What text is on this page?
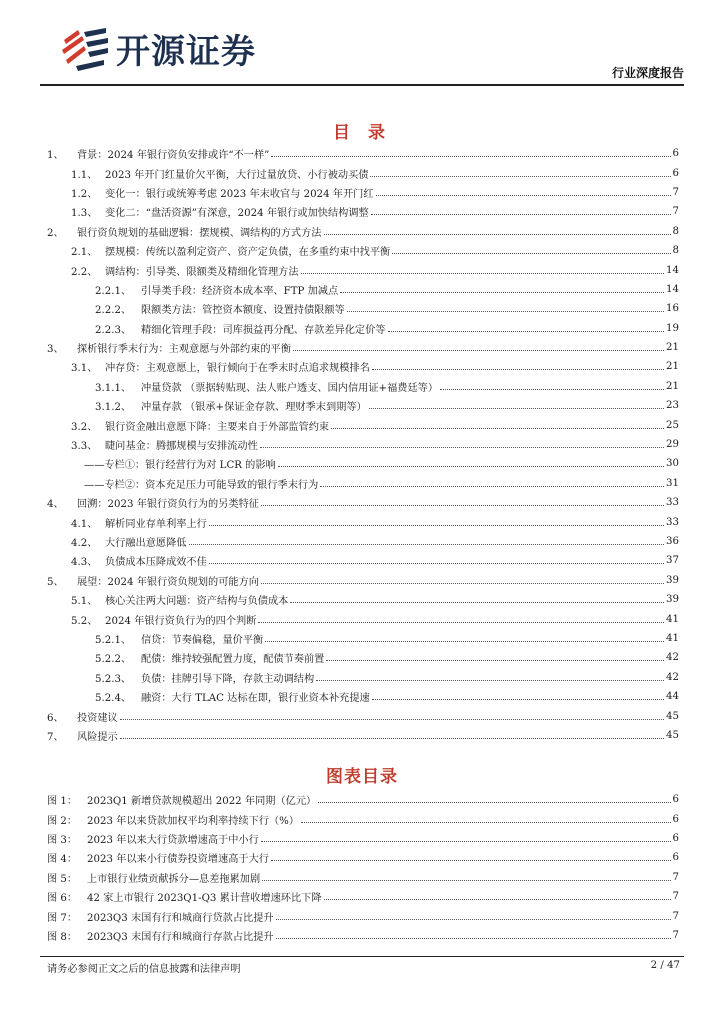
开源证券
行业深度报告
目 录
1、	背景：2024 年银行资负安排或许“不一样”	6
1.1、 2023 年开门红量价欠平衡，大行过量放贷、小行被动买债	6
1.2、 变化一：银行或统筹考虑 2023 年末收官与 2024 年开门红	7
1.3、 变化二：“盘活资源”有深意，2024 年银行或加快结构调整	7
2、	银行资负规划的基础逻辑：摆规模、调结构的方式方法	8
2.1、 摆规模：传统以盈利定资产、资产定负债，在多重约束中找平衡	8
2.2、 调结构：引导类、限额类及精细化管理方法	14
2.2.1、 引导类手段：经济资本成本率、FTP 加减点	14
2.2.2、 限额类方法：管控资本额度、设置持债限额等	16
2.2.3、 精细化管理手段：司库损益再分配、存款差异化定价等	19
3、	探析银行季末行为：主观意愿与外部约束的平衡	21
3.1、 冲存贷：主观意愿上，银行倾向于在季末时点追求规模排名	21
3.1.1、 冲量贷款 （票据转贴现、法人账户透支、国内信用证+福费廷等）	21
3.1.2、 冲量存款 （银承+保证金存款、理财季末到期等）	23
3.2、 银行资金融出意愿下降：主要来自于外部监管约束	25
3.3、 睫问基金：腾挪规模与安排流动性	29
——专栏①： 银行经营行为对 LCR 的影响	30
——专栏②： 资本充足压力可能导致的银行季末行为	31
4、	回溯：2023 年银行资负行为的另类特征	33
4.1、 解析同业存单利率上行	33
4.2、 大行融出意愿降低	36
4.3、 负债成本压降成效不佳	37
5、	展望：2024 年银行资负规划的可能方向	39
5.1、 核心关注两大问题：资产结构与负债成本	39
5.2、 2024 年银行资负行为的四个判断	41
5.2.1、 信贷：节奏偏稳，量价平衡	41
5.2.2、 配债：维持较强配置力度，配债节奏前置	42
5.2.3、 负债：挂牌引导下降，存款主动调结构	42
5.2.4、 融资：大行 TLAC 达标在即，银行业资本补充提速	44
6、	投资建议	45
7、	风险提示	45
图表目录
图 1： 2023Q1 新增贷款规模超出 2022 年同期（亿元）	6
图 2： 2023 年以来贷款加权平均利率持续下行（%）	6
图 3： 2023 年以来大行贷款增速高于中小行	6
图 4： 2023 年以来小行债券投资增速高于大行	6
图 5： 上市银行业绩贡献拆分—息差拖累加剧	7
图 6： 42 家上市银行 2023Q1-Q3 累计营收增速环比下降	7
图 7： 2023Q3 末国有行和城商行贷款占比提升	7
图 8： 2023Q3 末国有行和城商行存款占比提升	7
请务必参阅正文之后的信息披露和法律声明	2 / 47
